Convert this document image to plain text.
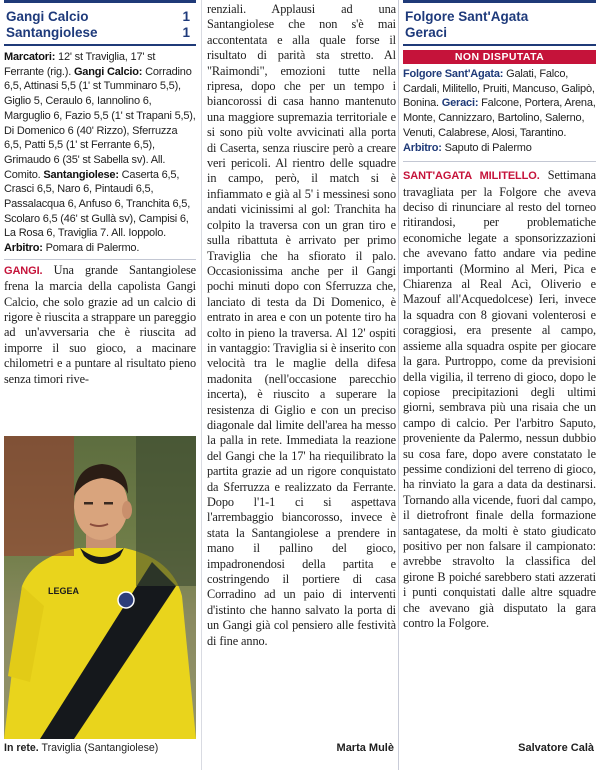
Gangi Calcio	1
Santangiolese	1

Marcatori: 12' st Traviglia, 17' st Ferrante (rig.). Gangi Calcio: Corradino 6,5, Attinasi 5,5 (1' st Tumminaro 5,5), Giglio 5, Ceraulo 6, Iannolino 6, Marguglio 6, Fazio 5,5 (1' st Trapani 5,5), Di Domenico 6 (40' Rizzo), Sferruzza 6,5, Patti 5,5 (1' st Ferrante 6,5), Grimaudo 6 (35' st Sabella sv). All. Comito. Santangiolese: Caserta 6,5, Crasci 6,5, Naro 6, Pintaudi 6,5, Passalacqua 6, Anfuso 6, Tranchita 6,5, Scolaro 6,5 (46' st Gullà sv), Campisi 6, La Rosa 6, Traviglia 7. All. Ioppolo. Arbitro: Pomara di Palermo.

GANGI. Una grande Santangiolese frena la marcia della capolista Gangi Calcio, che solo grazie ad un calcio di rigore è riuscita a strappare un pareggio ad un'avversaria che è riuscita ad imporre il suo gioco, a macinare chilometri e a puntare al risultato pieno senza timori rive-
LEGEA
In rete. Traviglia (Santangiolese)
renziali. Applausi ad una Santangiolese che non s'è mai accontentata e alla quale forse il risultato di parità sta stretto. Al "Raimondi", emozioni tutte nella ripresa, dopo che per un tempo i biancorossi di casa hanno mantenuto una maggiore supremazia territoriale e si sono più volte avvicinati alla porta di Caserta, senza riuscire però a creare veri pericoli. Al rientro delle squadre in campo, però, il match si è infiammato e già al 5' i messinesi sono andati vicinissimi al gol: Tranchita ha colpito la traversa con un gran tiro e sulla ribattuta è arrivato per primo Traviglia che ha sfiorato il palo. Occasionissima anche per il Gangi pochi minuti dopo con Sferruzza che, lanciato di testa da Di Domenico, è entrato in area e con un potente tiro ha colto in pieno la traversa. Al 12' ospiti in vantaggio: Traviglia si è inserito con velocità tra le maglie della difesa madonita (nell'occasione parecchio incerta), è riuscito a superare la resistenza di Giglio e con un preciso diagonale dal limite dell'area ha messo la palla in rete. Immediata la reazione del Gangi che la 17' ha riequilibrato la partita grazie ad un rigore conquistato da Sferruzza e realizzato da Ferrante. Dopo l'1-1 ci si aspettava l'arrembaggio biancorosso, invece è stata la Santangiolese a prendere in mano il pallino del gioco, impadronendosi della partita e costringendo il portiere di casa Corradino ad un paio di interventi d'istinto che hanno salvato la porta di un Gangi già col pensiero alle festività di fine anno.
Marta Mulè
Folgore Sant'Agata
Geraci
NON DISPUTATA

Folgore Sant'Agata: Galati, Falco, Cardali, Militello, Pruiti, Mancuso, Galipò, Bonina. Geraci: Falcone, Portera, Arena, Monte, Cannizzaro, Bartolino, Salerno, Venuti, Calabrese, Alosi, Tarantino. Arbitro: Saputo di Palermo

SANT'AGATA MILITELLO. Settimana travagliata per la Folgore che aveva deciso di rinunciare al resto del torneo ritirandosi, per problematiche economiche legate a sponsorizzazioni che avevano fatto andare via pedine importanti (Mormino al Meri, Pica e Chiarenza al Real Acì, Oliverio e Mazouf all'Acquedolcese) Ieri, invece la squadra con 8 giovani volenterosi e coraggiosi, era presente al campo, assieme alla squadra ospite per giocare la gara. Purtroppo, come da previsioni della vigilia, il terreno di gioco, dopo le copiose precipitazioni degli ultimi giorni, sembrava più una risaia che un campo di calcio. Per l'arbitro Saputo, proveniente da Palermo, nessun dubbio su cosa fare, dopo avere constatato le pessime condizioni del terreno di gioco, ha rinviato la gara a data da destinarsi. Tornando alla vicende, fuori dal campo, il dietrofront finale della formazione santagatese, da molti è stato giudicato positivo per non falsare il campionato: avrebbe stravolto la classifica del girone B poiché sarebbero stati azzerati i punti conquistati dalle altre squadre che avevano già disputato la gara contro la Folgore.
Salvatore Calà
